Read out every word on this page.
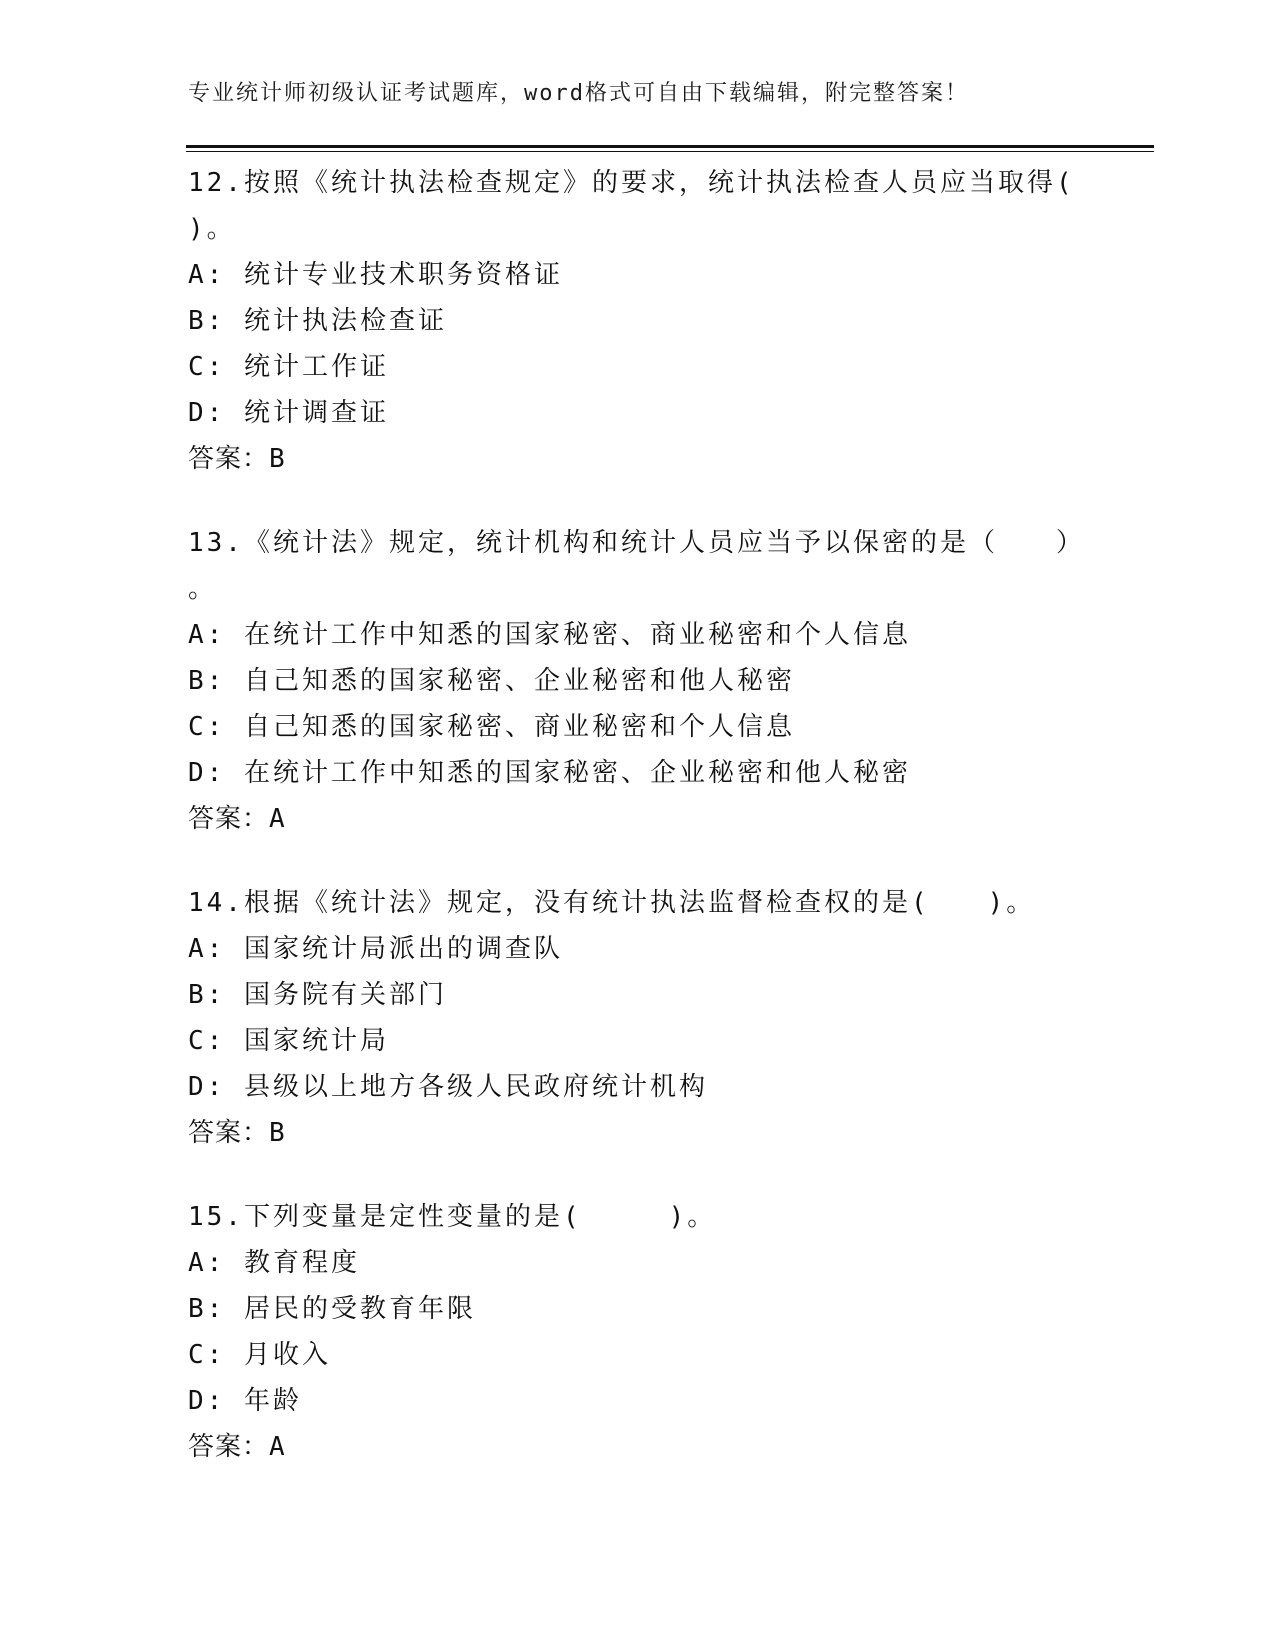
专业统计师初级认证考试题库，word格式可自由下载编辑，附完整答案！
12.按照《统计执法检查规定》的要求，统计执法检查人员应当取得(
)。
A: 统计专业技术职务资格证
B: 统计执法检查证
C: 统计工作证
D: 统计调查证
答案：B
13.《统计法》规定，统计机构和统计人员应当予以保密的是（　　）
。
A: 在统计工作中知悉的国家秘密、商业秘密和个人信息
B: 自己知悉的国家秘密、企业秘密和他人秘密
C: 自己知悉的国家秘密、商业秘密和个人信息
D: 在统计工作中知悉的国家秘密、企业秘密和他人秘密
答案：A
14.根据《统计法》规定，没有统计执法监督检查权的是(　　)。
A: 国家统计局派出的调查队
B: 国务院有关部门
C: 国家统计局
D: 县级以上地方各级人民政府统计机构
答案：B
15.下列变量是定性变量的是(　　　)。
A: 教育程度
B: 居民的受教育年限
C: 月收入
D: 年龄
答案：A
